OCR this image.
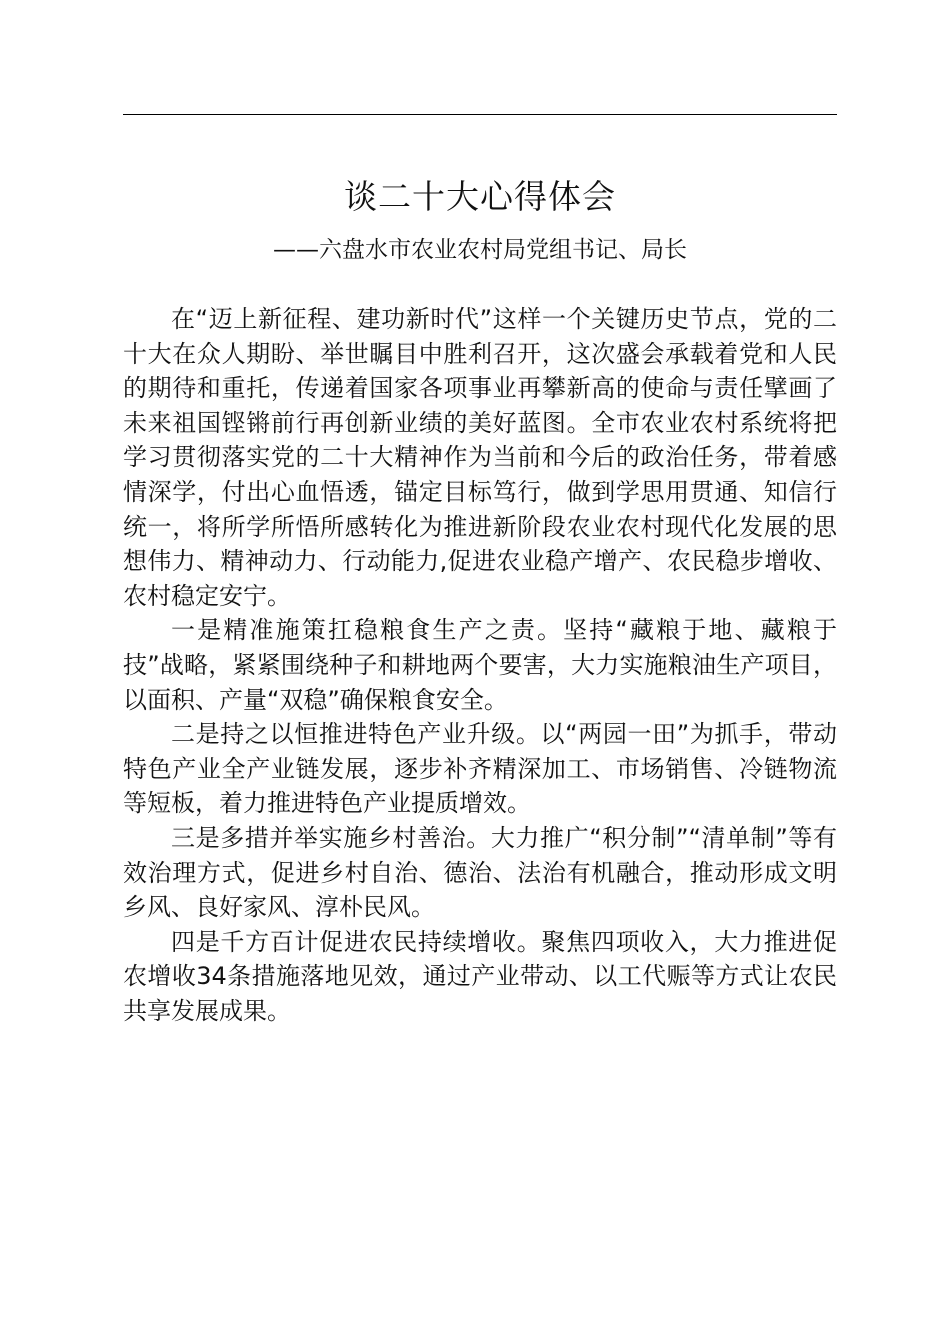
谈二十大心得体会
——六盘水市农业农村局党组书记、局长

在“迈上新征程、建功新时代”这样一个关键历史节点，党的二十大在众人期盼、举世瞩目中胜利召开，这次盛会承载着党和人民的期待和重托，传递着国家各项事业再攀新高的使命与责任擘画了未来祖国铿锵前行再创新业绩的美好蓝图。全市农业农村系统将把学习贯彻落实党的二十大精神作为当前和今后的政治任务，带着感情深学，付出心血悟透，锚定目标笃行，做到学思用贯通、知信行统一，将所学所悟所感转化为推进新阶段农业农村现代化发展的思想伟力、精神动力、行动能力,促进农业稳产增产、农民稳步增收、农村稳定安宁。

一是精准施策扛稳粮食生产之责。坚持“藏粮于地、藏粮于技”战略，紧紧围绕种子和耕地两个要害，大力实施粮油生产项目，以面积、产量“双稳”确保粮食安全。

二是持之以恒推进特色产业升级。以“两园一田”为抓手，带动特色产业全产业链发展，逐步补齐精深加工、市场销售、冷链物流等短板，着力推进特色产业提质增效。

三是多措并举实施乡村善治。大力推广“积分制”“清单制”等有效治理方式，促进乡村自治、德治、法治有机融合，推动形成文明乡风、良好家风、淳朴民风。

四是千方百计促进农民持续增收。聚焦四项收入，大力推进促农增收34条措施落地见效，通过产业带动、以工代赈等方式让农民共享发展成果。
